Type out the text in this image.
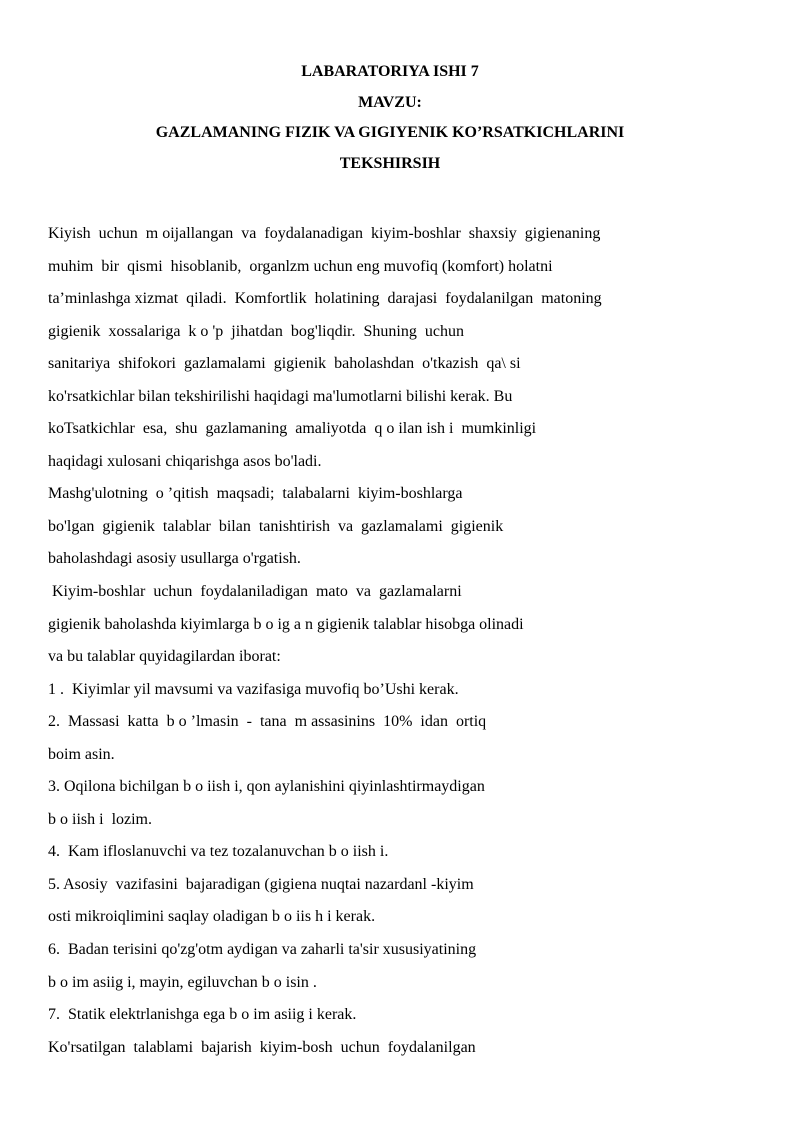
LABARATORIYA ISHI 7
MAVZU:
GAZLAMANING FIZIK VA GIGIYENIK KO’RSATKICHLARINI
TEKSHIRSIH
Kiyish  uchun  m oijallangan  va  foydalanadigan  kiyim-boshlar  shaxsiy  gigienaning
muhim  bir  qismi  hisoblanib,  organlzm uchun eng muvofiq (komfort) holatni
ta’minlashga xizmat  qiladi.  Komfortlik  holatining  darajasi  foydalanilgan  matoning
gigienik  xossalariga  k o 'p  jihatdan  bog'liqdir.  Shuning  uchun
sanitariya  shifokori  gazlamalami  gigienik  baholashdan  o'tkazish  qa\ si
ko'rsatkichlar bilan tekshirilishi haqidagi ma'lumotlarni bilishi kerak. Bu
koTsatkichlar  esa,  shu  gazlamaning  amaliyotda  q o ilan ish i  mumkinligi
haqidagi xulosani chiqarishga asos bo'ladi.
Mashg'ulotning  o ’qitish  maqsadi;  talabalarni  kiyim-boshlarga
bo'lgan  gigienik  talablar  bilan  tanishtirish  va  gazlamalami  gigienik
baholashdagi asosiy usullarga o'rgatish.
Kiyim-boshlar  uchun  foydalaniladigan  mato  va  gazlamalarni
gigienik baholashda kiyimlarga b o ig a n gigienik talablar hisobga olinadi
va bu talablar quyidagilardan iborat:
1 .  Kiyimlar yil mavsumi va vazifasiga muvofiq bo’Ushi kerak.
2.  Massasi  katta  b o ’lmasin  -  tana  m assasinins  10%  idan  ortiq
boim asin.
3. Oqilona bichilgan b o iish i, qon aylanishini qiyinlashtirmaydigan
b o iish i  lozim.
4.  Kam ifloslanuvchi va tez tozalanuvchan b o iish i.
5. Asosiy  vazifasini  bajaradigan (gigiena nuqtai nazardanl -kiyim
osti mikroiqlimini saqlay oladigan b o iis h i kerak.
6.  Badan terisini qo'zg'otm aydigan va zaharli ta'sir xususiyatining
b o im asiig i, mayin, egiluvchan b o isin .
7.  Statik elektrlanishga ega b o im asiig i kerak.
Ko'rsatilgan  talablami  bajarish  kiyim-bosh  uchun  foydalanilgan
